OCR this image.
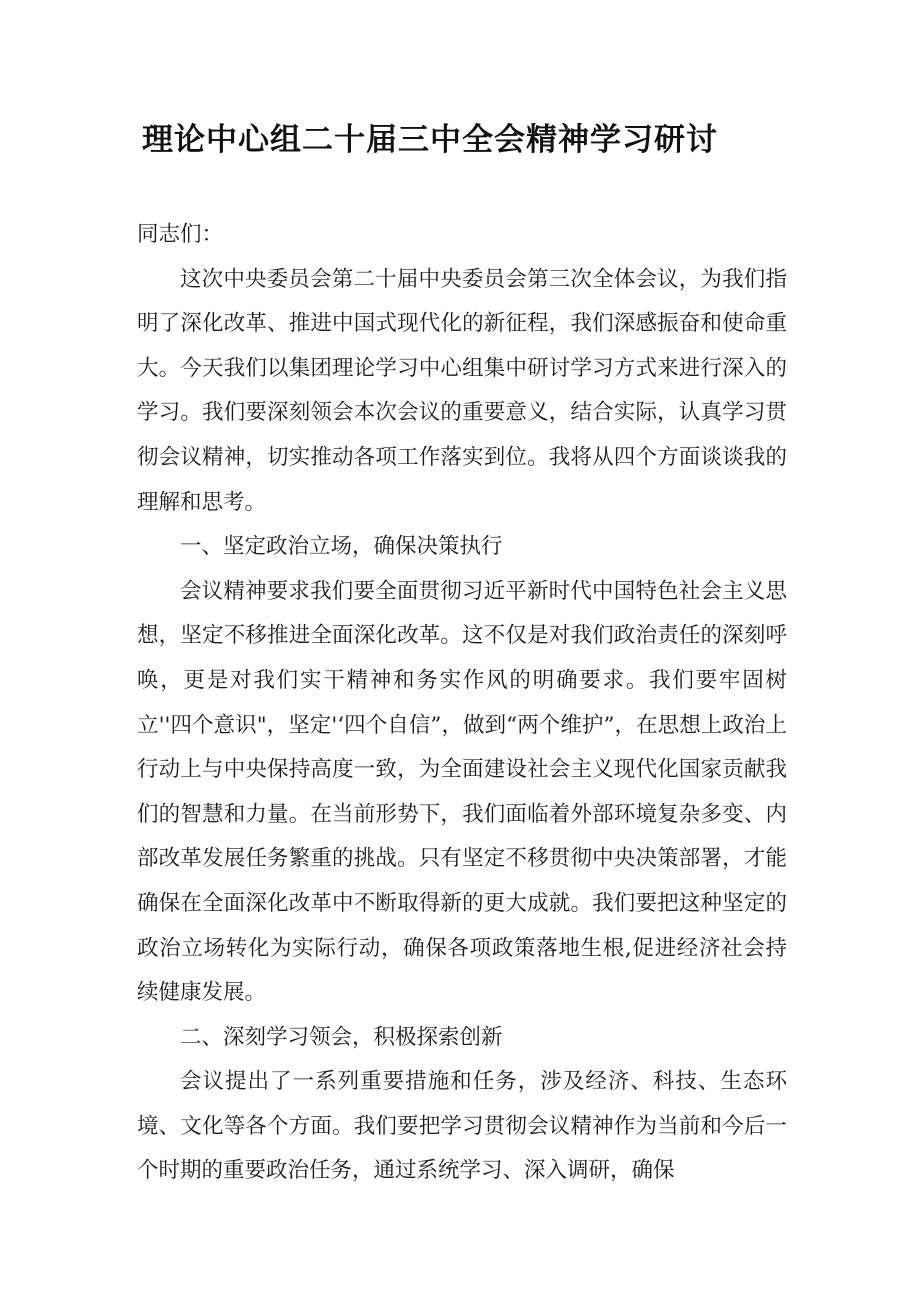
理论中心组二十届三中全会精神学习研讨

同志们：

这次中央委员会第二十届中央委员会第三次全体会议，为我们指明了深化改革、推进中国式现代化的新征程，我们深感振奋和使命重大。今天我们以集团理论学习中心组集中研讨学习方式来进行深入的学习。我们要深刻领会本次会议的重要意义，结合实际，认真学习贯彻会议精神，切实推动各项工作落实到位。我将从四个方面谈谈我的理解和思考。

一、坚定政治立场，确保决策执行

会议精神要求我们要全面贯彻习近平新时代中国特色社会主义思想，坚定不移推进全面深化改革。这不仅是对我们政治责任的深刻呼唤，更是对我们实干精神和务实作风的明确要求。我们要牢固树立''四个意识"，坚定'‘四个自信”，做到“两个维护”，在思想上政治上行动上与中央保持高度一致，为全面建设社会主义现代化国家贡献我们的智慧和力量。在当前形势下，我们面临着外部环境复杂多变、内部改革发展任务繁重的挑战。只有坚定不移贯彻中央决策部署，才能确保在全面深化改革中不断取得新的更大成就。我们要把这种坚定的政治立场转化为实际行动，确保各项政策落地生根,促进经济社会持续健康发展。

二、深刻学习领会，积极探索创新

会议提出了一系列重要措施和任务，涉及经济、科技、生态环境、文化等各个方面。我们要把学习贯彻会议精神作为当前和今后一个时期的重要政治任务，通过系统学习、深入调研，确保
